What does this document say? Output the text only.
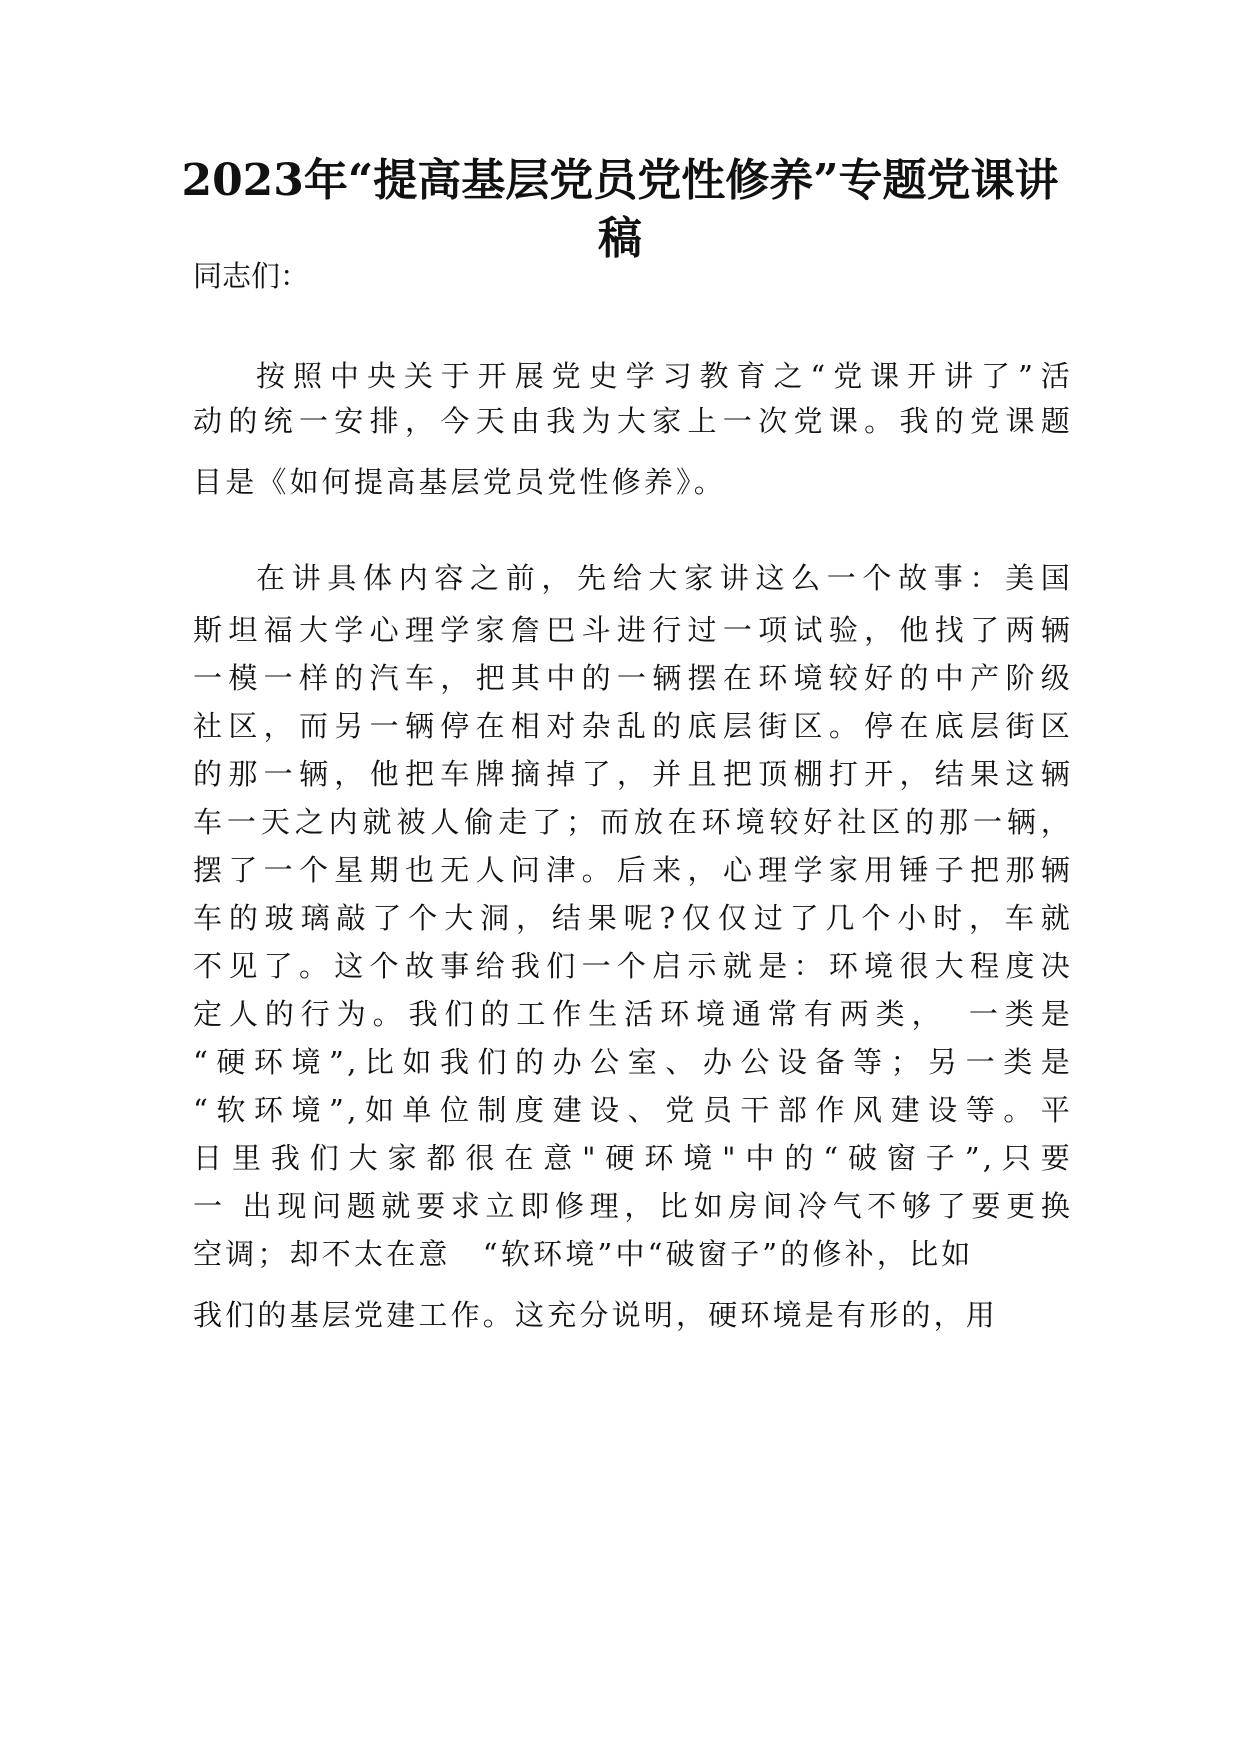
2023年“提高基层党员党性修养”专题党课讲稿
同志们：
按照中央关于开展党史学习教育之“党课开讲了”活
动的统一安排，今天由我为大家上一次党课。我的党课题
目是《如何提高基层党员党性修养》。
在讲具体内容之前，先给大家讲这么一个故事：美国
斯坦福大学心理学家詹巴斗进行过一项试验，他找了两辆
一模一样的汽车，把其中的一辆摆在环境较好的中产阶级
社区，而另一辆停在相对杂乱的底层街区。停在底层街区
的那一辆，他把车牌摘掉了，并且把顶棚打开，结果这辆
车一天之内就被人偷走了；而放在环境较好社区的那一辆，
摆了一个星期也无人问津。后来，心理学家用锤子把那辆
车的玻璃敲了个大洞，结果呢?仅仅过了几个小时，车就
不见了。这个故事给我们一个启示就是：环境很大程度决
定人的行为。我们的工作生活环境通常有两类，　一类是
“硬环境”,比如我们的办公室、办公设备等；另一类是
“软环境”,如单位制度建设、党员干部作风建设等。平
日里我们大家都很在意"硬环境"中的“破窗子”,只要
一 出现问题就要求立即修理，比如房间冷气不够了要更换
空调；却不太在意　“软环境”中“破窗子”的修补，比如
我们的基层党建工作。这充分说明，硬环境是有形的，用
